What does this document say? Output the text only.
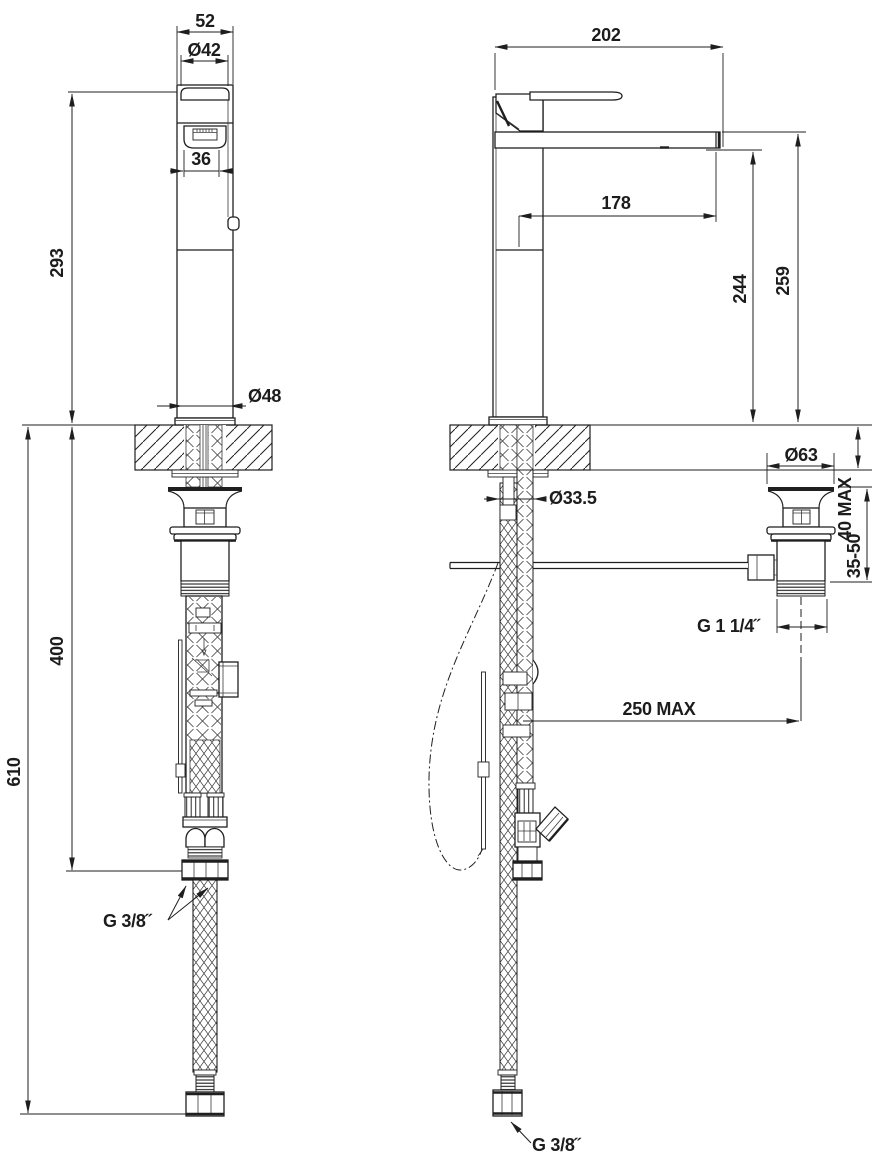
52
Ø42
36
293
Ø48
400
610
G 3/8˝
202
178
244 259
40 MAX
Ø33.5
Ø63
35-50
G 1 1/4˝
250 MAX
G 3/8˝
